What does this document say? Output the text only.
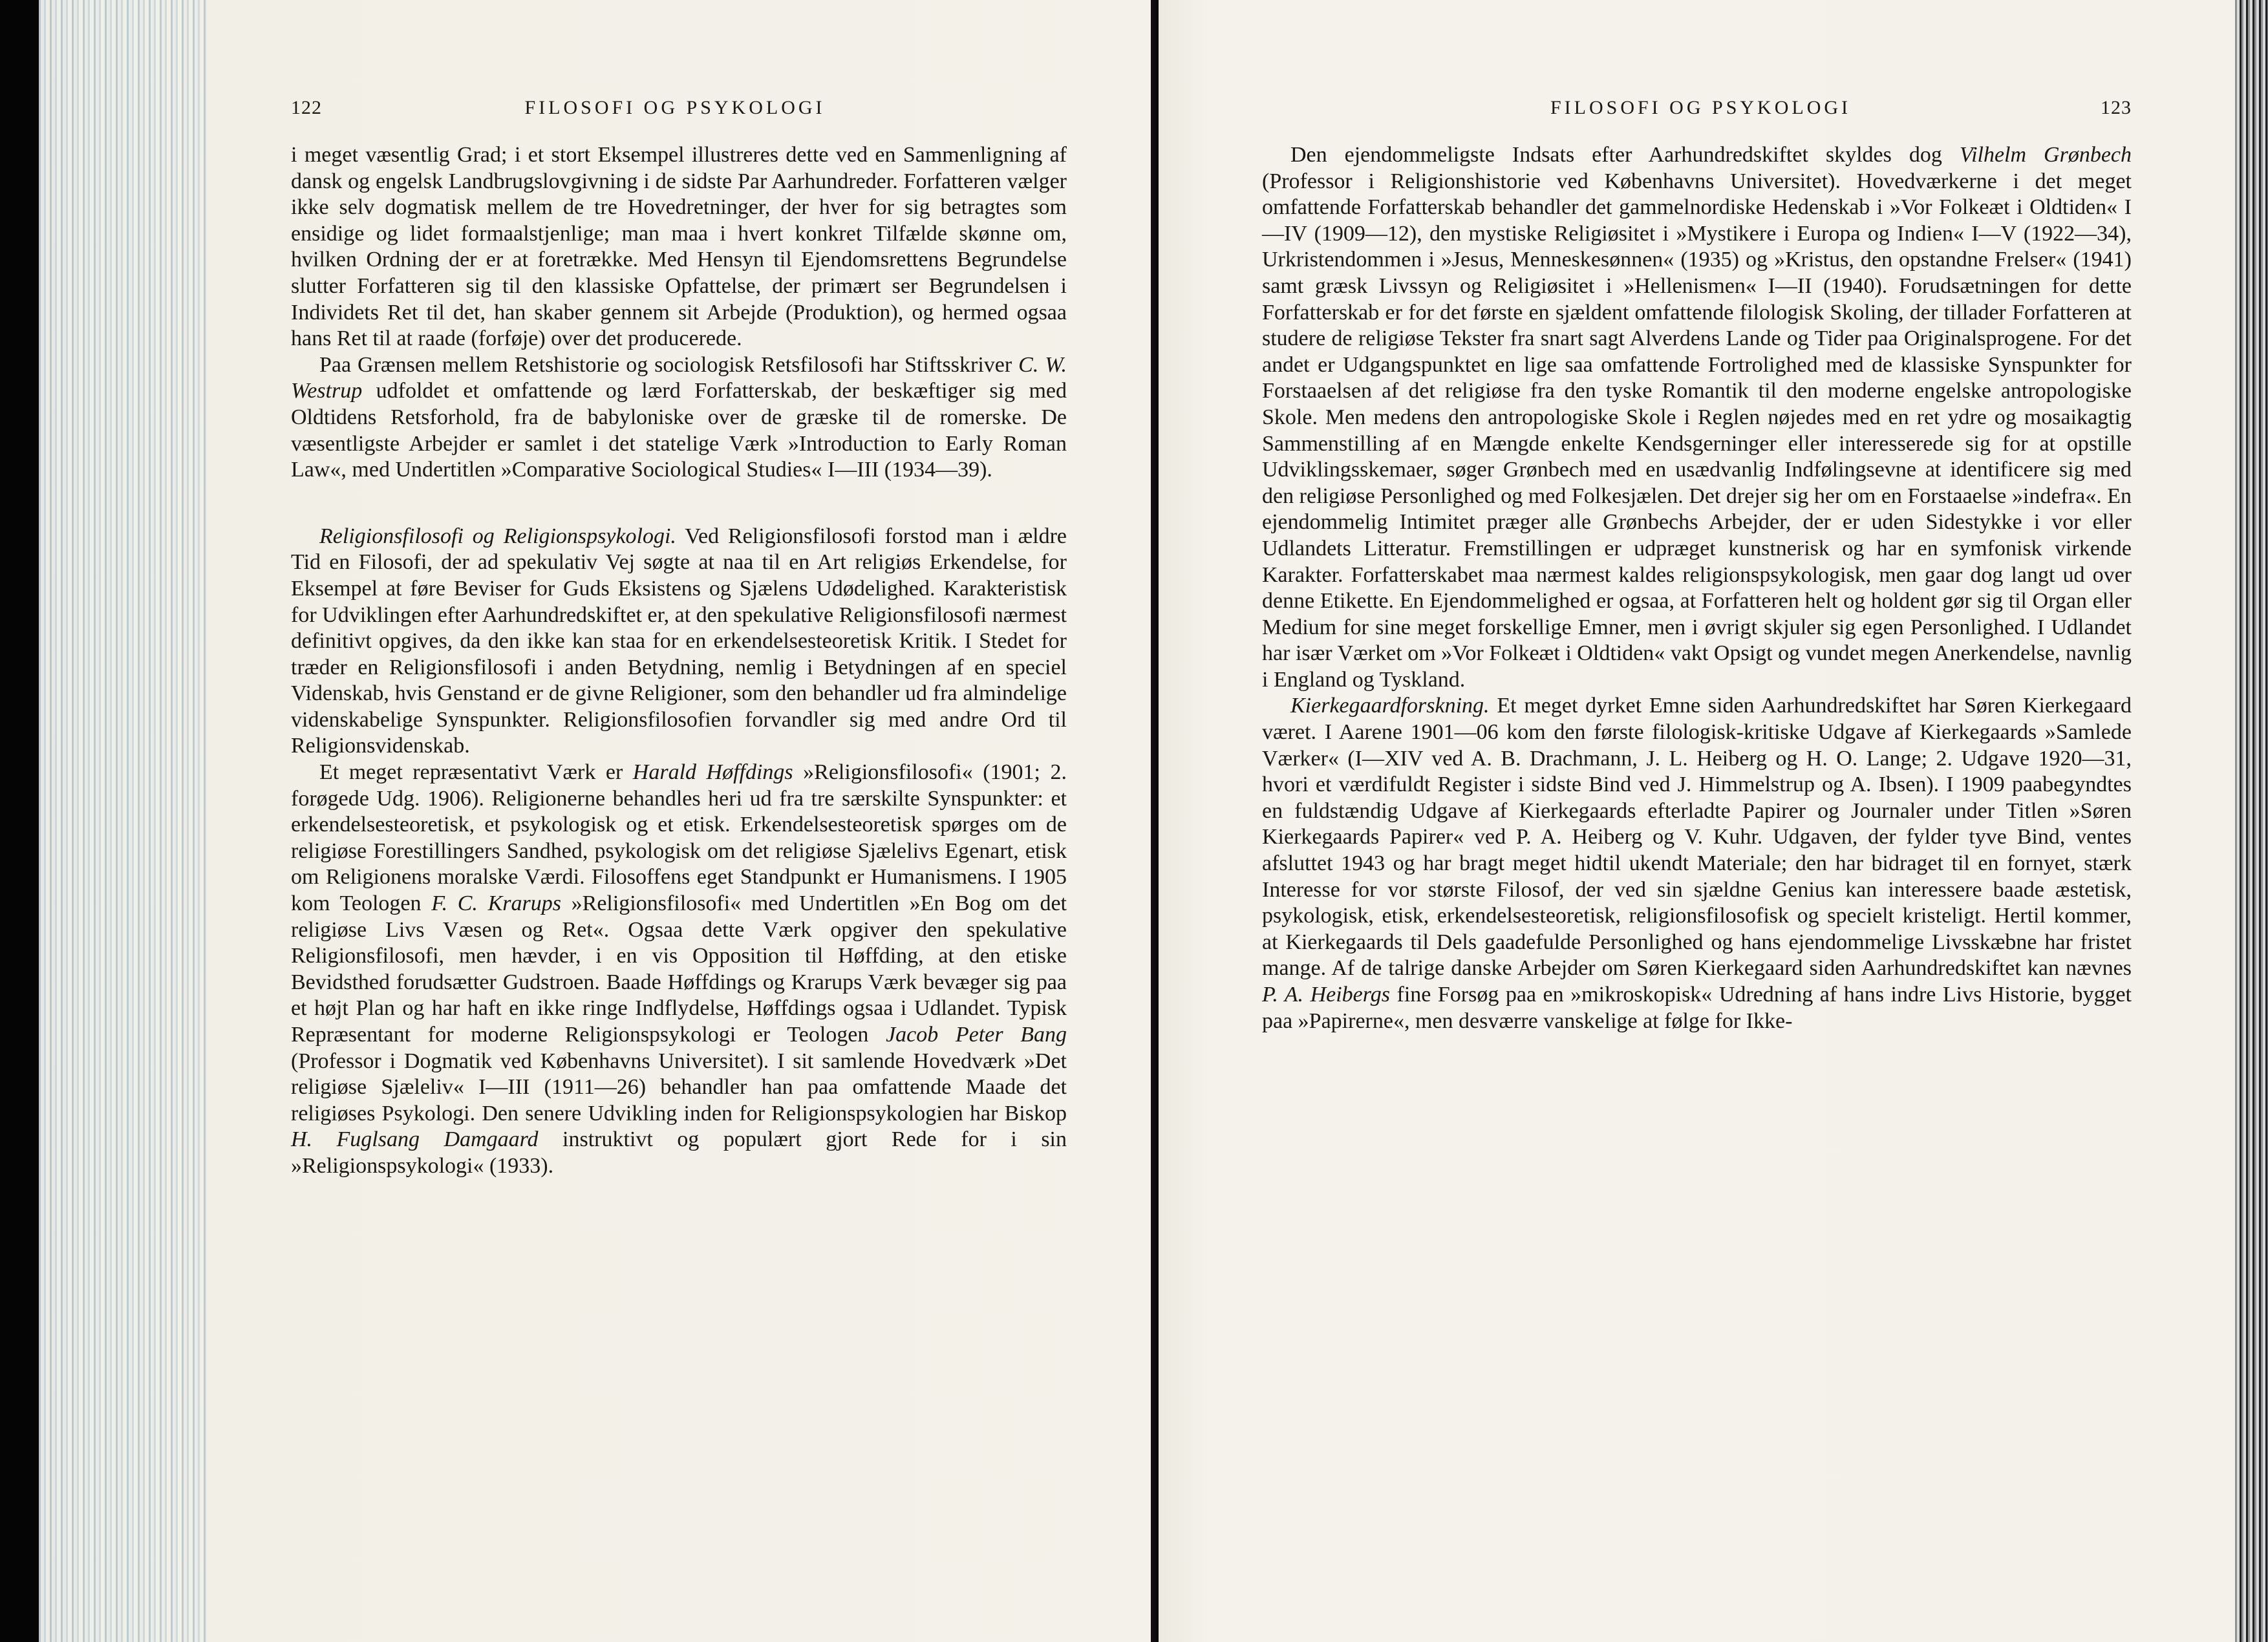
122	FILOSOFI OG PSYKOLOGI

i meget væsentlig Grad; i et stort Eksempel illustreres dette ved en Sammenligning af dansk og engelsk Landbrugslovgivning i de sidste Par Aarhundreder. Forfatteren vælger ikke selv dogmatisk mellem de tre Hovedretninger, der hver for sig betragtes som ensidige og lidet formaalstjenlige; man maa i hvert konkret Tilfælde skønne om, hvilken Ordning der er at foretrække. Med Hensyn til Ejendomsrettens Begrundelse slutter Forfatteren sig til den klassiske Opfattelse, der primært ser Begrundelsen i Individets Ret til det, han skaber gennem sit Arbejde (Produktion), og hermed ogsaa hans Ret til at raade (forføje) over det producerede.

Paa Grænsen mellem Retshistorie og sociologisk Retsfilosofi har Stiftsskriver C. W. Westrup udfoldet et omfattende og lærd Forfatterskab, der beskæftiger sig med Oldtidens Retsforhold, fra de babyloniske over de græske til de romerske. De væsentligste Arbejder er samlet i det statelige Værk »Introduction to Early Roman Law«, med Undertitlen »Comparative Sociological Studies« I—III (1934—39).

Religionsfilosofi og Religionspsykologi. Ved Religionsfilosofi forstod man i ældre Tid en Filosofi, der ad spekulativ Vej søgte at naa til en Art religiøs Erkendelse, for Eksempel at føre Beviser for Guds Eksistens og Sjælens Udødelighed. Karakteristisk for Udviklingen efter Aarhundredskiftet er, at den spekulative Religionsfilosofi nærmest definitivt opgives, da den ikke kan staa for en erkendelsesteoretisk Kritik. I Stedet for træder en Religionsfilosofi i anden Betydning, nemlig i Betydningen af en speciel Videnskab, hvis Genstand er de givne Religioner, som den behandler ud fra almindelige videnskabelige Synspunkter. Religionsfilosofien forvandler sig med andre Ord til Religionsvidenskab.

Et meget repræsentativt Værk er Harald Høffdings »Religionsfilosofi« (1901; 2. forøgede Udg. 1906). Religionerne behandles heri ud fra tre særskilte Synspunkter: et erkendelsesteoretisk, et psykologisk og et etisk. Erkendelsesteoretisk spørges om de religiøse Forestillingers Sandhed, psykologisk om det religiøse Sjælelivs Egenart, etisk om Religionens moralske Værdi. Filosoffens eget Standpunkt er Humanismens. I 1905 kom Teologen F. C. Krarups »Religionsfilosofi« med Undertitlen »En Bog om det religiøse Livs Væsen og Ret«. Ogsaa dette Værk opgiver den spekulative Religionsfilosofi, men hævder, i en vis Opposition til Høffding, at den etiske Bevidsthed forudsætter Gudstroen. Baade Høffdings og Krarups Værk bevæger sig paa et højt Plan og har haft en ikke ringe Indflydelse, Høffdings ogsaa i Udlandet. Typisk Repræsentant for moderne Religionspsykologi er Teologen Jacob Peter Bang (Professor i Dogmatik ved Københavns Universitet). I sit samlende Hovedværk »Det religiøse Sjæleliv« I—III (1911—26) behandler han paa omfattende Maade det religiøses Psykologi. Den senere Udvikling inden for Religionspsykologien har Biskop H. Fuglsang Damgaard instruktivt og populært gjort Rede for i sin »Religionspsykologi« (1933).

FILOSOFI OG PSYKOLOGI	123

Den ejendommeligste Indsats efter Aarhundredskiftet skyldes dog Vilhelm Grønbech (Professor i Religionshistorie ved Københavns Universitet). Hovedværkerne i det meget omfattende Forfatterskab behandler det gammelnordiske Hedenskab i »Vor Folkeæt i Oldtiden« I—IV (1909—12), den mystiske Religiøsitet i »Mystikere i Europa og Indien« I—V (1922—34), Urkristendommen i »Jesus, Menneskesønnen« (1935) og »Kristus, den opstandne Frelser« (1941) samt græsk Livssyn og Religiøsitet i »Hellenismen« I—II (1940). Forudsætningen for dette Forfatterskab er for det første en sjældent omfattende filologisk Skoling, der tillader Forfatteren at studere de religiøse Tekster fra snart sagt Alverdens Lande og Tider paa Originalsprogene. For det andet er Udgangspunktet en lige saa omfattende Fortrolighed med de klassiske Synspunkter for Forstaaelsen af det religiøse fra den tyske Romantik til den moderne engelske antropologiske Skole. Men medens den antropologiske Skole i Reglen nøjedes med en ret ydre og mosaikagtig Sammenstilling af en Mængde enkelte Kendsgerninger eller interesserede sig for at opstille Udviklingsskemaer, søger Grønbech med en usædvanlig Indfølingsevne at identificere sig med den religiøse Personlighed og med Folkesjælen. Det drejer sig her om en Forstaaelse »indefra«. En ejendommelig Intimitet præger alle Grønbechs Arbejder, der er uden Sidestykke i vor eller Udlandets Litteratur. Fremstillingen er udpræget kunstnerisk og har en symfonisk virkende Karakter. Forfatterskabet maa nærmest kaldes religionspsykologisk, men gaar dog langt ud over denne Etikette. En Ejendommelighed er ogsaa, at Forfatteren helt og holdent gør sig til Organ eller Medium for sine meget forskellige Emner, men i øvrigt skjuler sig egen Personlighed. I Udlandet har især Værket om »Vor Folkeæt i Oldtiden« vakt Opsigt og vundet megen Anerkendelse, navnlig i England og Tyskland.

Kierkegaardforskning. Et meget dyrket Emne siden Aarhundredskiftet har Søren Kierkegaard været. I Aarene 1901—06 kom den første filologisk-kritiske Udgave af Kierkegaards »Samlede Værker« (I—XIV ved A. B. Drachmann, J. L. Heiberg og H. O. Lange; 2. Udgave 1920—31, hvori et værdifuldt Register i sidste Bind ved J. Himmelstrup og A. Ibsen). I 1909 paabegyndtes en fuldstændig Udgave af Kierkegaards efterladte Papirer og Journaler under Titlen »Søren Kierkegaards Papirer« ved P. A. Heiberg og V. Kuhr. Udgaven, der fylder tyve Bind, ventes afsluttet 1943 og har bragt meget hidtil ukendt Materiale; den har bidraget til en fornyet, stærk Interesse for vor største Filosof, der ved sin sjældne Genius kan interessere baade æstetisk, psykologisk, etisk, erkendelsesteoretisk, religionsfilosofisk og specielt kristeligt. Hertil kommer, at Kierkegaards til Dels gaadefulde Personlighed og hans ejendommelige Livsskæbne har fristet mange. Af de talrige danske Arbejder om Søren Kierkegaard siden Aarhundredskiftet kan nævnes P. A. Heibergs fine Forsøg paa en »mikroskopisk« Udredning af hans indre Livs Historie, bygget paa »Papirerne«, men desværre vanskelige at følge for Ikke-
